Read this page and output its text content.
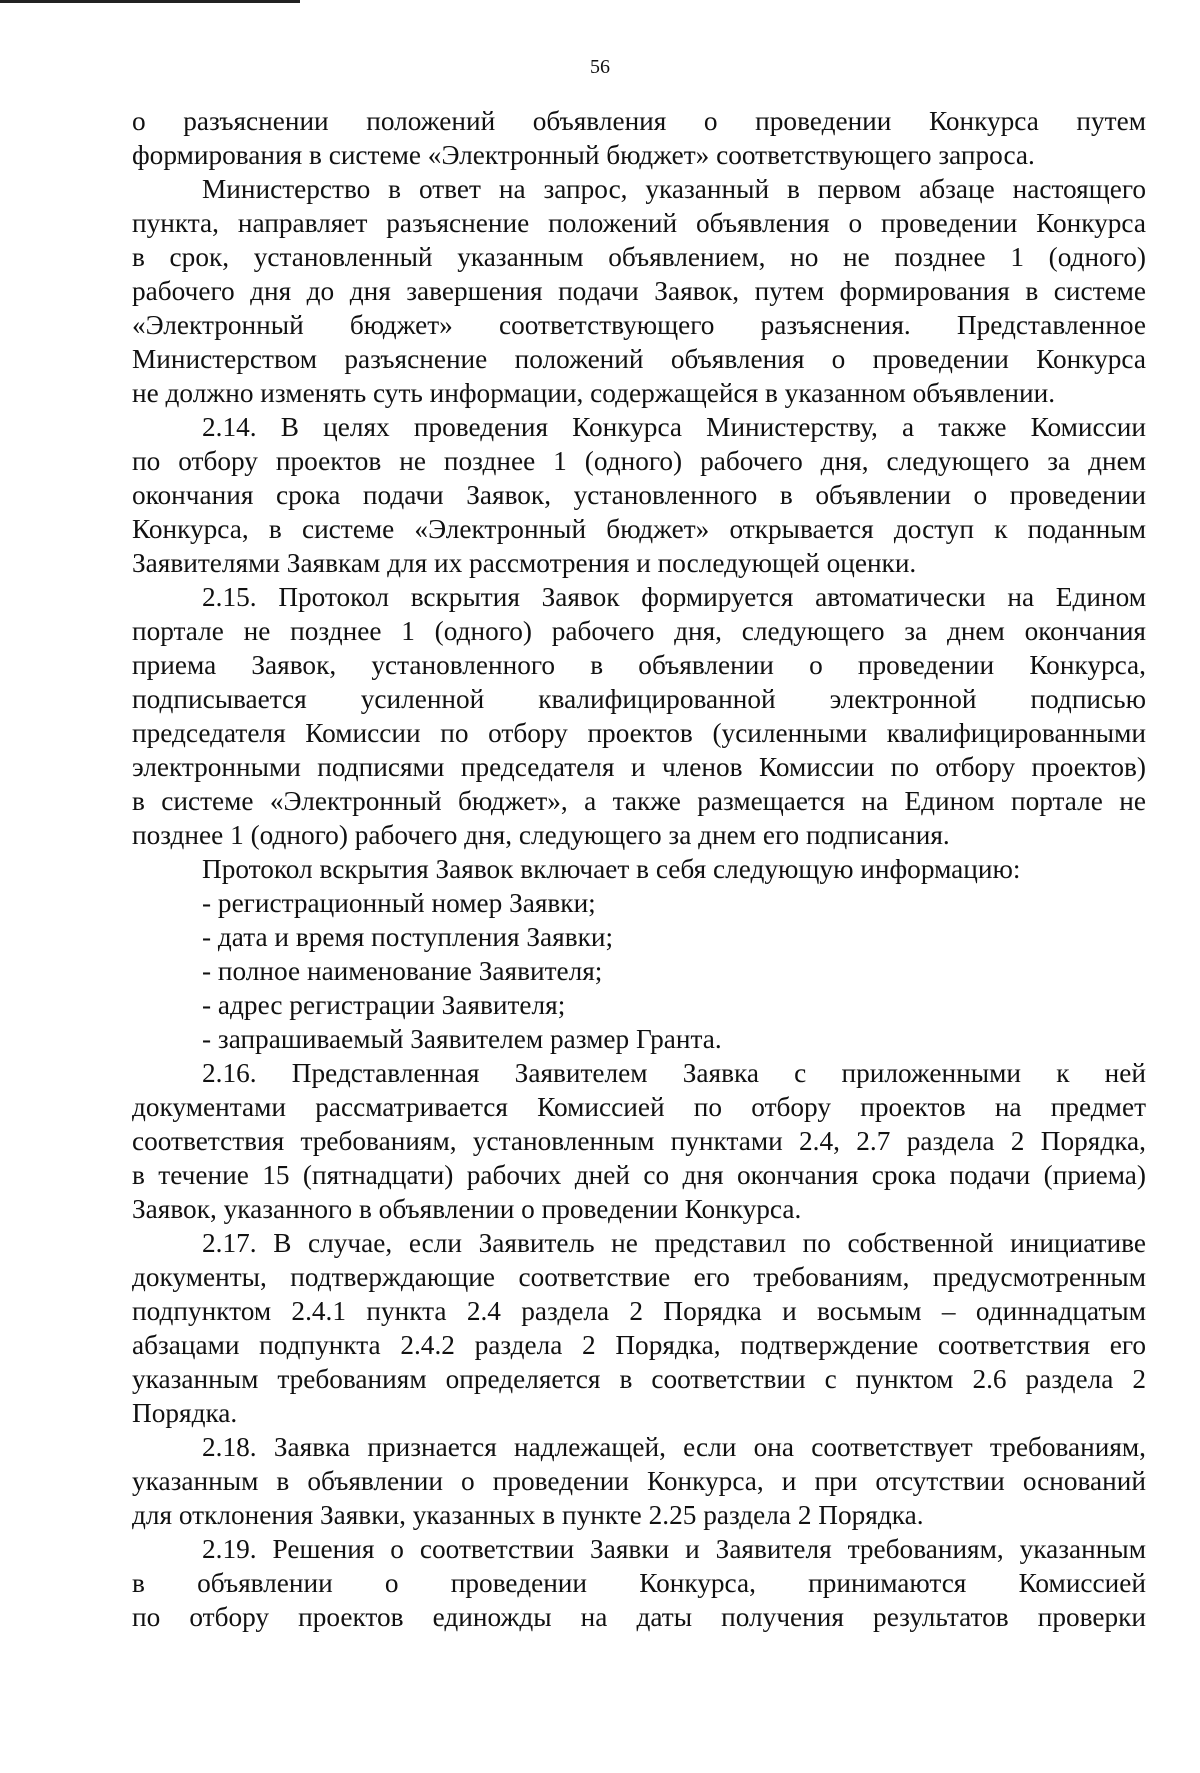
56

о разъяснении положений объявления о проведении Конкурса путем

формирования в системе «Электронный бюджет» соответствующего запроса.

Министерство в ответ на запрос, указанный в первом абзаце настоящего

пункта, направляет разъяснение положений объявления о проведении Конкурса

в срок, установленный указанным объявлением, но не позднее 1 (одного)

рабочего дня до дня завершения подачи Заявок, путем формирования в системе

«Электронный бюджет» соответствующего разъяснения. Представленное

Министерством разъяснение положений объявления о проведении Конкурса

не должно изменять суть информации, содержащейся в указанном объявлении.

2.14. В целях проведения Конкурса Министерству, а также Комиссии

по отбору проектов не позднее 1 (одного) рабочего дня, следующего за днем

окончания срока подачи Заявок, установленного в объявлении о проведении

Конкурса, в системе «Электронный бюджет» открывается доступ к поданным

Заявителями Заявкам для их рассмотрения и последующей оценки.

2.15. Протокол вскрытия Заявок формируется автоматически на Едином

портале не позднее 1 (одного) рабочего дня, следующего за днем окончания

приема Заявок, установленного в объявлении о проведении Конкурса,

подписывается усиленной квалифицированной электронной подписью

председателя Комиссии по отбору проектов (усиленными квалифицированными

электронными подписями председателя и членов Комиссии по отбору проектов)

в системе «Электронный бюджет», а также размещается на Едином портале не

позднее 1 (одного) рабочего дня, следующего за днем его подписания.

Протокол вскрытия Заявок включает в себя следующую информацию:

- регистрационный номер Заявки;

- дата и время поступления Заявки;

- полное наименование Заявителя;

- адрес регистрации Заявителя;

- запрашиваемый Заявителем размер Гранта.

2.16. Представленная Заявителем Заявка с приложенными к ней

документами рассматривается Комиссией по отбору проектов на предмет

соответствия требованиям, установленным пунктами 2.4, 2.7 раздела 2 Порядка,

в течение 15 (пятнадцати) рабочих дней со дня окончания срока подачи (приема)

Заявок, указанного в объявлении о проведении Конкурса.

2.17. В случае, если Заявитель не представил по собственной инициативе

документы, подтверждающие соответствие его требованиям, предусмотренным

подпунктом 2.4.1 пункта 2.4 раздела 2 Порядка и восьмым – одиннадцатым

абзацами подпункта 2.4.2 раздела 2 Порядка, подтверждение соответствия его

указанным требованиям определяется в соответствии с пунктом 2.6 раздела 2

Порядка.

2.18. Заявка признается надлежащей, если она соответствует требованиям,

указанным в объявлении о проведении Конкурса, и при отсутствии оснований

для отклонения Заявки, указанных в пункте 2.25 раздела 2 Порядка.

2.19. Решения о соответствии Заявки и Заявителя требованиям, указанным

в объявлении о проведении Конкурса, принимаются Комиссией

по отбору проектов единожды на даты получения результатов проверки
